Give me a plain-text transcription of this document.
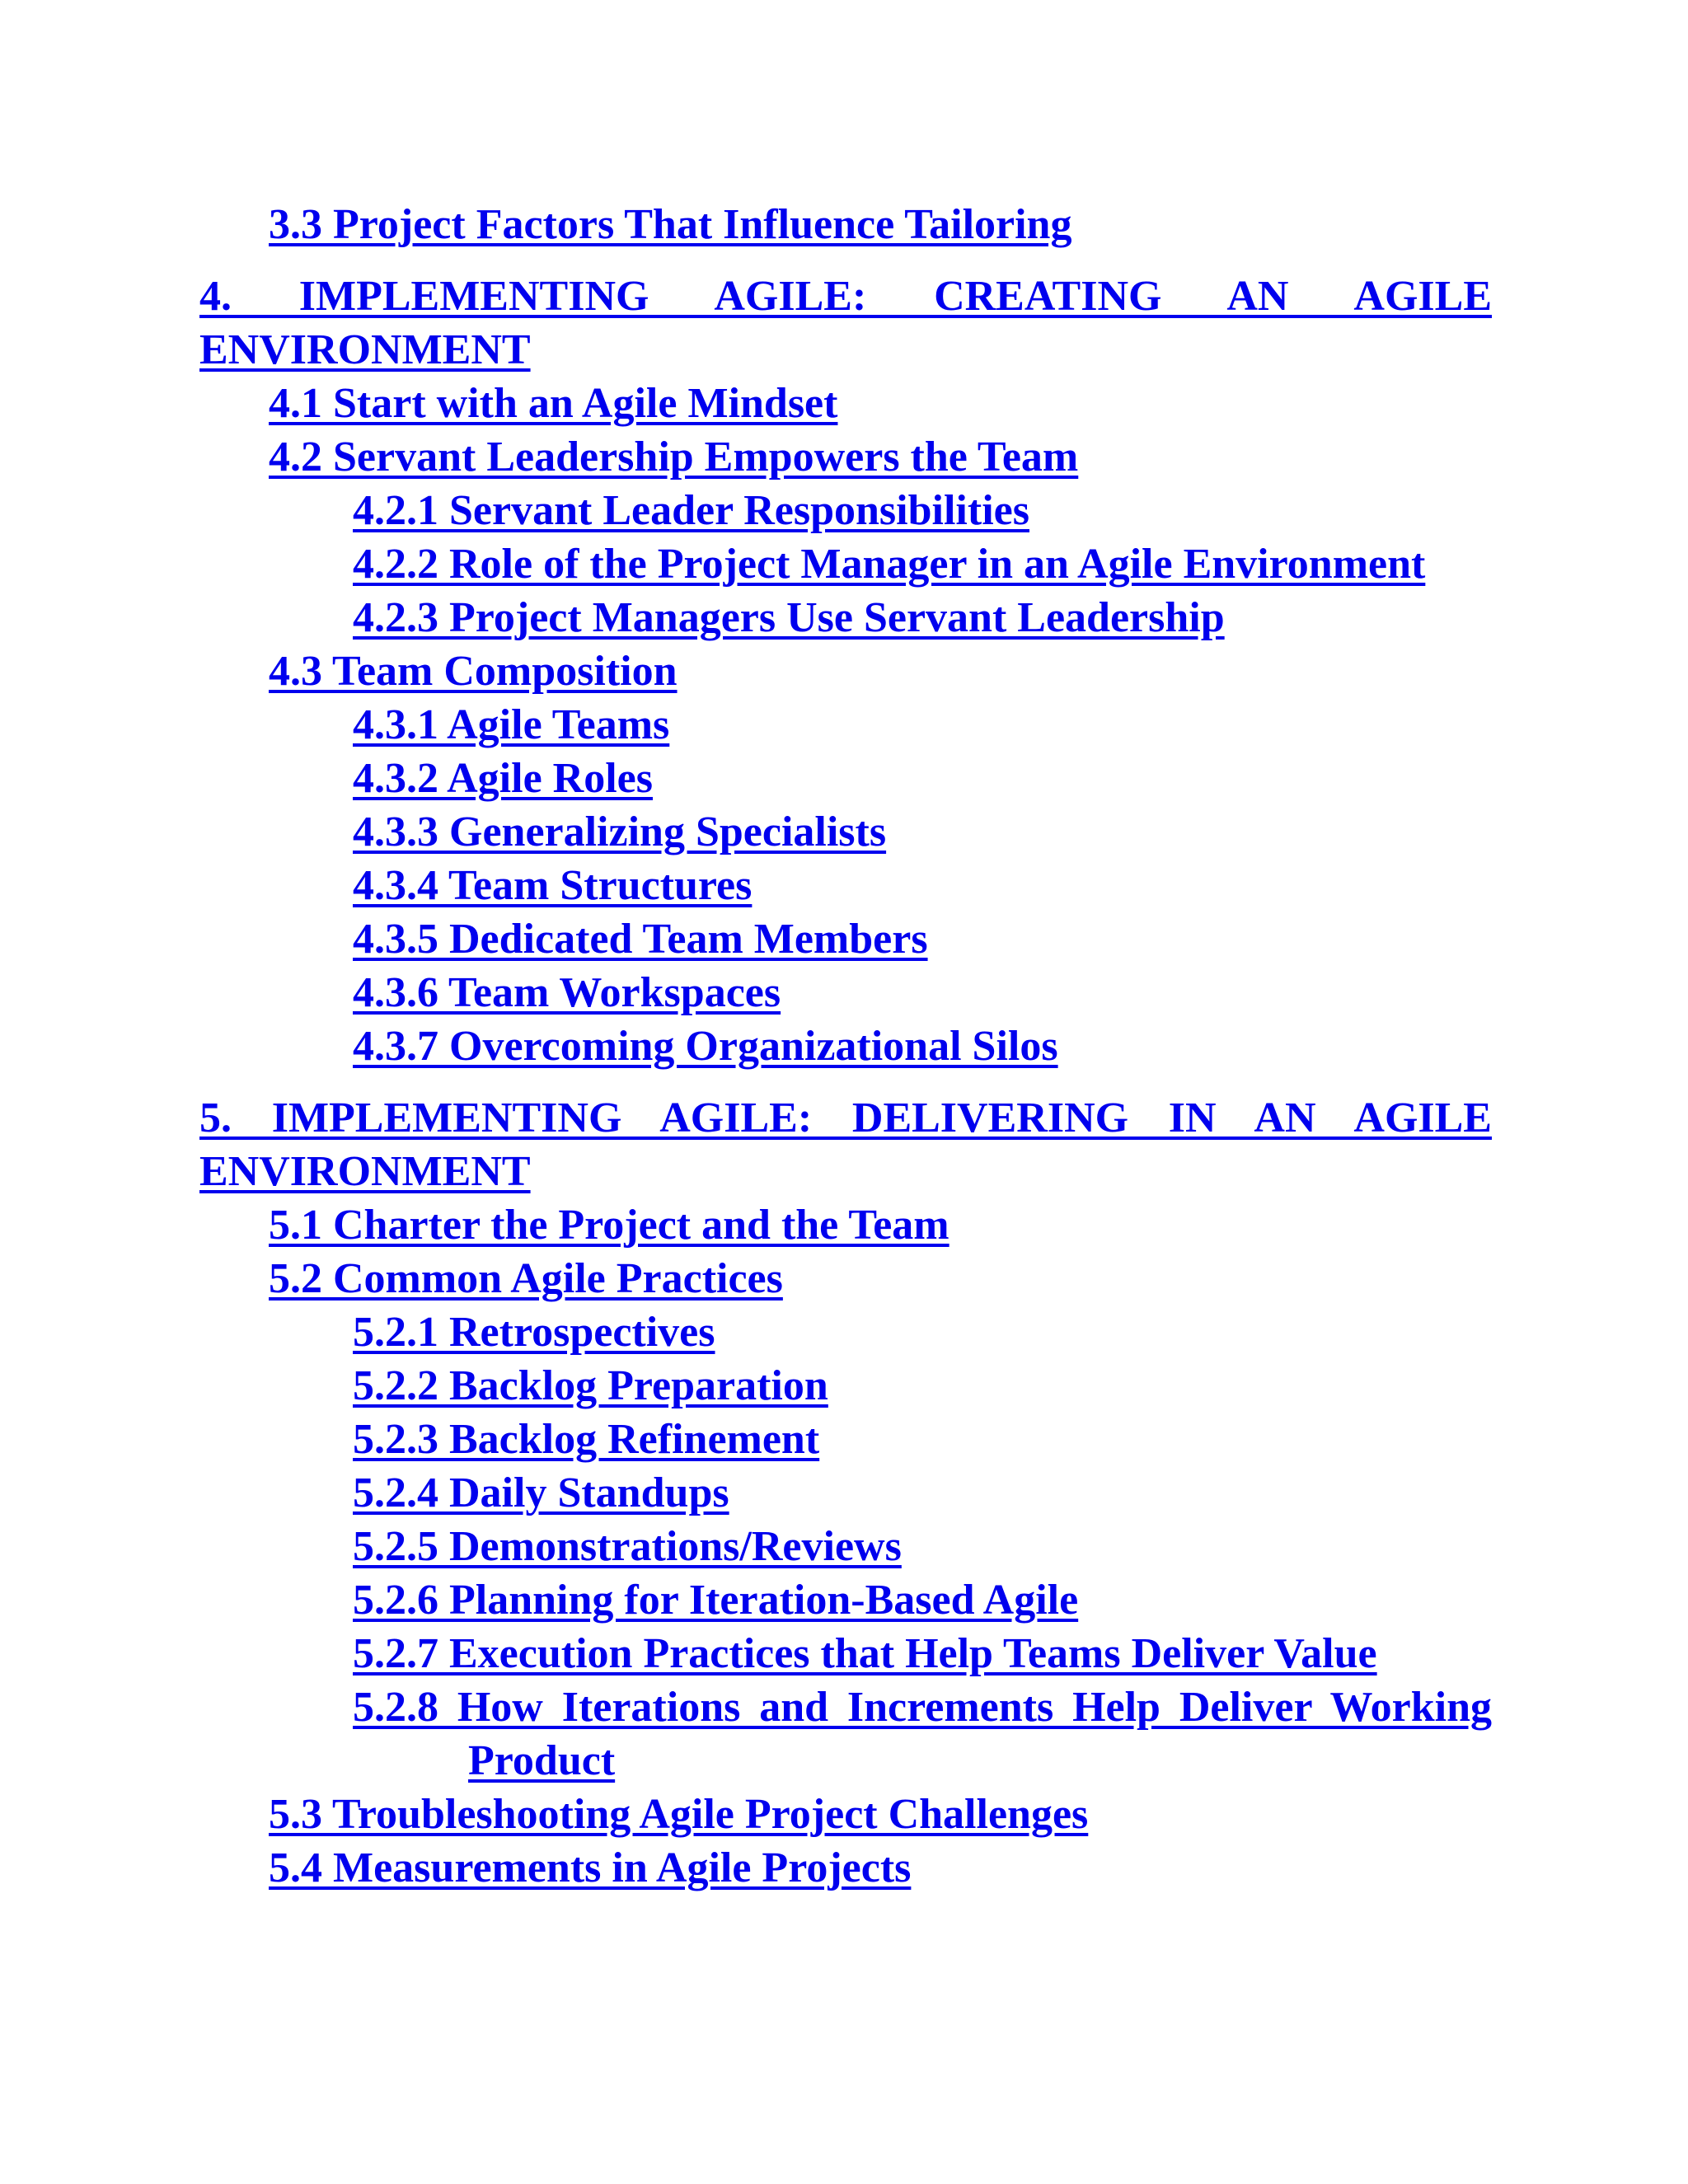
3.3 Project Factors That Influence Tailoring

4. IMPLEMENTING AGILE: CREATING AN AGILE ENVIRONMENT

4.1 Start with an Agile Mindset

4.2 Servant Leadership Empowers the Team

4.2.1 Servant Leader Responsibilities

4.2.2 Role of the Project Manager in an Agile Environment

4.2.3 Project Managers Use Servant Leadership

4.3 Team Composition

4.3.1 Agile Teams

4.3.2 Agile Roles

4.3.3 Generalizing Specialists

4.3.4 Team Structures

4.3.5 Dedicated Team Members

4.3.6 Team Workspaces

4.3.7 Overcoming Organizational Silos

5. IMPLEMENTING AGILE: DELIVERING IN AN AGILE ENVIRONMENT

5.1 Charter the Project and the Team

5.2 Common Agile Practices

5.2.1 Retrospectives

5.2.2 Backlog Preparation

5.2.3 Backlog Refinement

5.2.4 Daily Standups

5.2.5 Demonstrations/Reviews

5.2.6 Planning for Iteration-Based Agile

5.2.7 Execution Practices that Help Teams Deliver Value

5.2.8 How Iterations and Increments Help Deliver Working Product

5.3 Troubleshooting Agile Project Challenges

5.4 Measurements in Agile Projects
